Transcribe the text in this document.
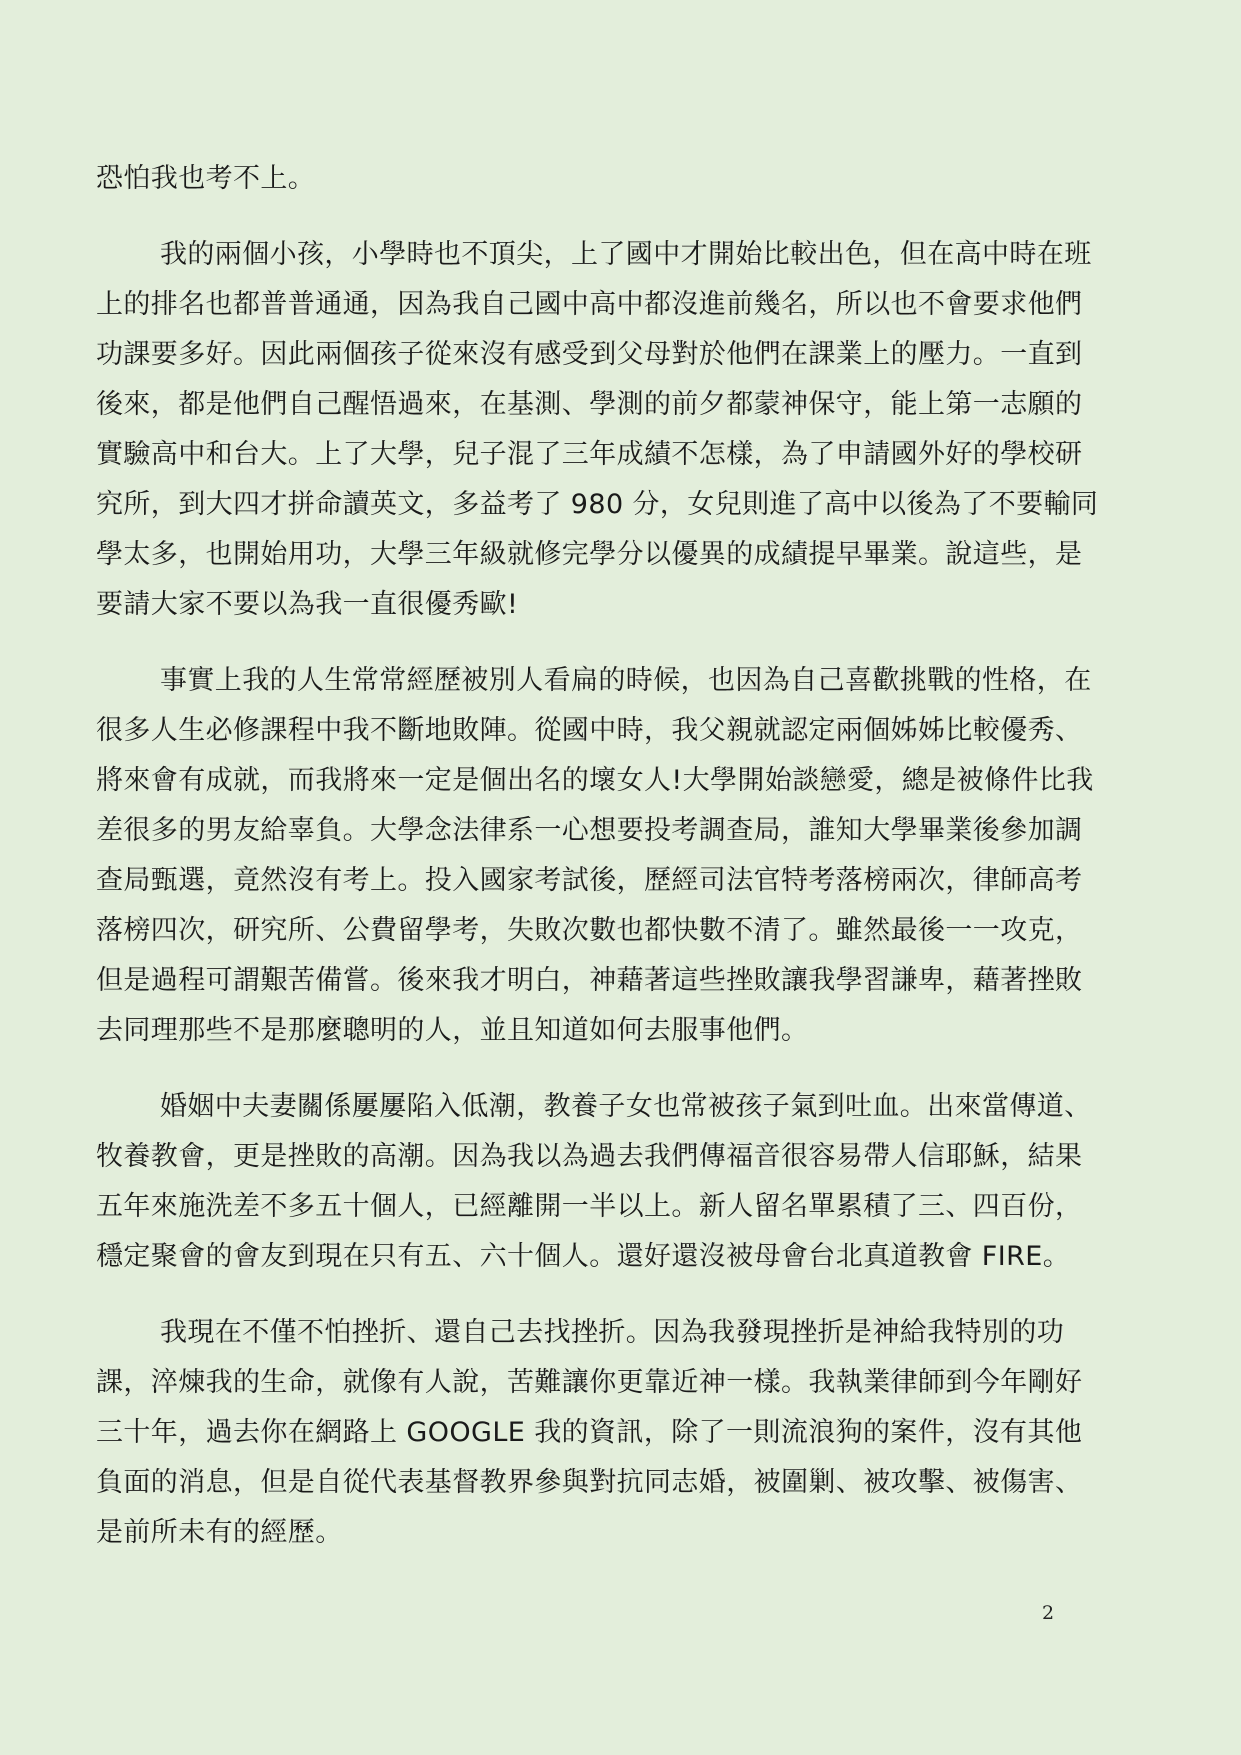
恐怕我也考不上。

我的兩個小孩，小學時也不頂尖，上了國中才開始比較出色，但在高中時在班
上的排名也都普普通通，因為我自己國中高中都沒進前幾名，所以也不會要求他們
功課要多好。因此兩個孩子從來沒有感受到父母對於他們在課業上的壓力。一直到
後來，都是他們自己醒悟過來，在基測、學測的前夕都蒙神保守，能上第一志願的
實驗高中和台大。上了大學，兒子混了三年成績不怎樣，為了申請國外好的學校研
究所，到大四才拼命讀英文，多益考了 980 分，女兒則進了高中以後為了不要輸同
學太多，也開始用功，大學三年級就修完學分以優異的成績提早畢業。說這些，是
要請大家不要以為我一直很優秀歐!

事實上我的人生常常經歷被別人看扁的時候，也因為自己喜歡挑戰的性格，在
很多人生必修課程中我不斷地敗陣。從國中時，我父親就認定兩個姊姊比較優秀、
將來會有成就，而我將來一定是個出名的壞女人!大學開始談戀愛，總是被條件比我
差很多的男友給辜負。大學念法律系一心想要投考調查局，誰知大學畢業後參加調
查局甄選，竟然沒有考上。投入國家考試後，歷經司法官特考落榜兩次，律師高考
落榜四次，研究所、公費留學考，失敗次數也都快數不清了。雖然最後一一攻克，
但是過程可謂艱苦備嘗。後來我才明白，神藉著這些挫敗讓我學習謙卑，藉著挫敗
去同理那些不是那麼聰明的人，並且知道如何去服事他們。

婚姻中夫妻關係屢屢陷入低潮，教養子女也常被孩子氣到吐血。出來當傳道、
牧養教會，更是挫敗的高潮。因為我以為過去我們傳福音很容易帶人信耶穌，結果
五年來施洗差不多五十個人，已經離開一半以上。新人留名單累積了三、四百份，
穩定聚會的會友到現在只有五、六十個人。還好還沒被母會台北真道教會 FIRE。

我現在不僅不怕挫折、還自己去找挫折。因為我發現挫折是神給我特別的功
課，淬煉我的生命，就像有人說，苦難讓你更靠近神一樣。我執業律師到今年剛好
三十年，過去你在網路上 GOOGLE 我的資訊，除了一則流浪狗的案件，沒有其他
負面的消息，但是自從代表基督教界參與對抗同志婚，被圍剿、被攻擊、被傷害、
是前所未有的經歷。

2
